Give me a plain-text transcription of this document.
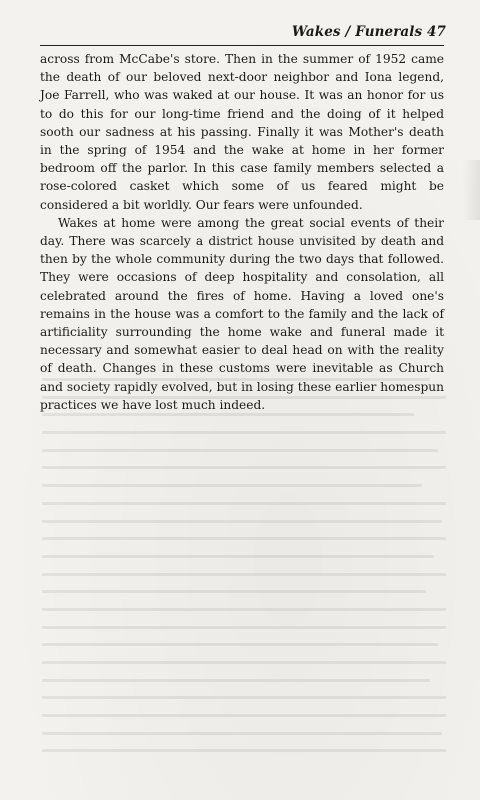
Wakes / Funerals 47

across from McCabe's store. Then in the summer of 1952 came the death of our beloved next-door neighbor and Iona legend, Joe Farrell, who was waked at our house. It was an honor for us to do this for our long-time friend and the doing of it helped sooth our sadness at his passing. Finally it was Mother's death in the spring of 1954 and the wake at home in her former bedroom off the parlor. In this case family members selected a rose-colored casket which some of us feared might be considered a bit worldly. Our fears were unfounded.

Wakes at home were among the great social events of their day. There was scarcely a district house unvisited by death and then by the whole community during the two days that followed. They were occasions of deep hospitality and consolation, all celebrated around the fires of home. Having a loved one's remains in the house was a comfort to the family and the lack of artificiality surrounding the home wake and funeral made it necessary and somewhat easier to deal head on with the reality of death. Changes in these customs were inevitable as Church and society rapidly evolved, but in losing these earlier homespun practices we have lost much indeed.
